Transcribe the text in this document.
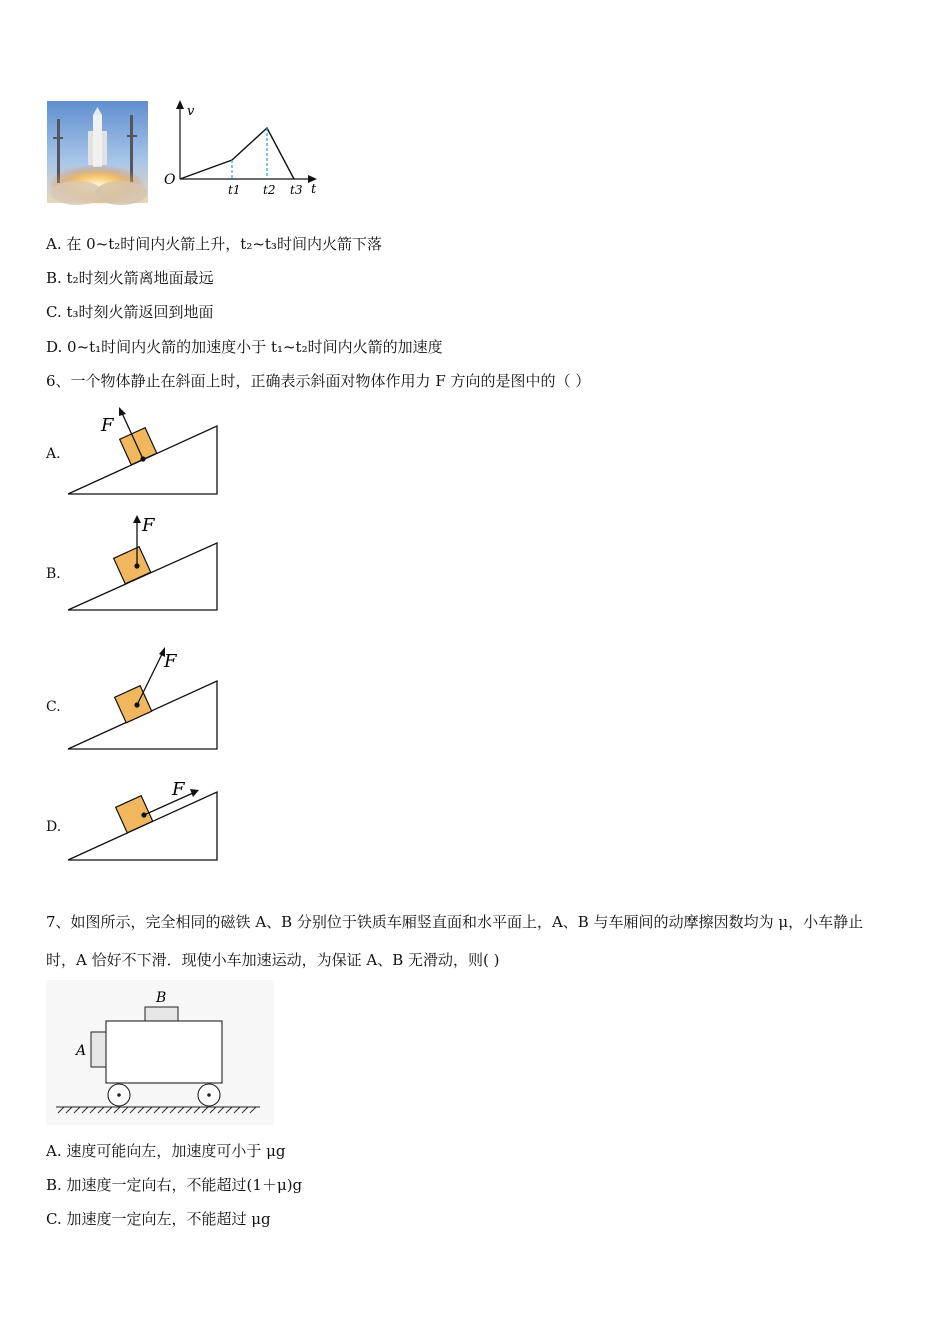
v
O
t
t1 t2 t3
A. 在 0~t₂时间内火箭上升，t₂~t₃时间内火箭下落
B. t₂时刻火箭离地面最远
C. t₃时刻火箭返回到地面
D. 0~t₁时间内火箭的加速度小于 t₁~t₂时间内火箭的加速度
6、一个物体静止在斜面上时，正确表示斜面对物体作用力 F 方向的是图中的（ ）
A.
F
B.
F
C.
F
D.
F
7、如图所示，完全相同的磁铁 A、B 分别位于铁质车厢竖直面和水平面上，A、B 与车厢间的动摩擦因数均为 μ，小车静止
时，A 恰好不下滑．现使小车加速运动，为保证 A、B 无滑动，则( )
B
A
A. 速度可能向左，加速度可小于 μg
B. 加速度一定向右，不能超过(1＋μ)g
C. 加速度一定向左，不能超过 μg
